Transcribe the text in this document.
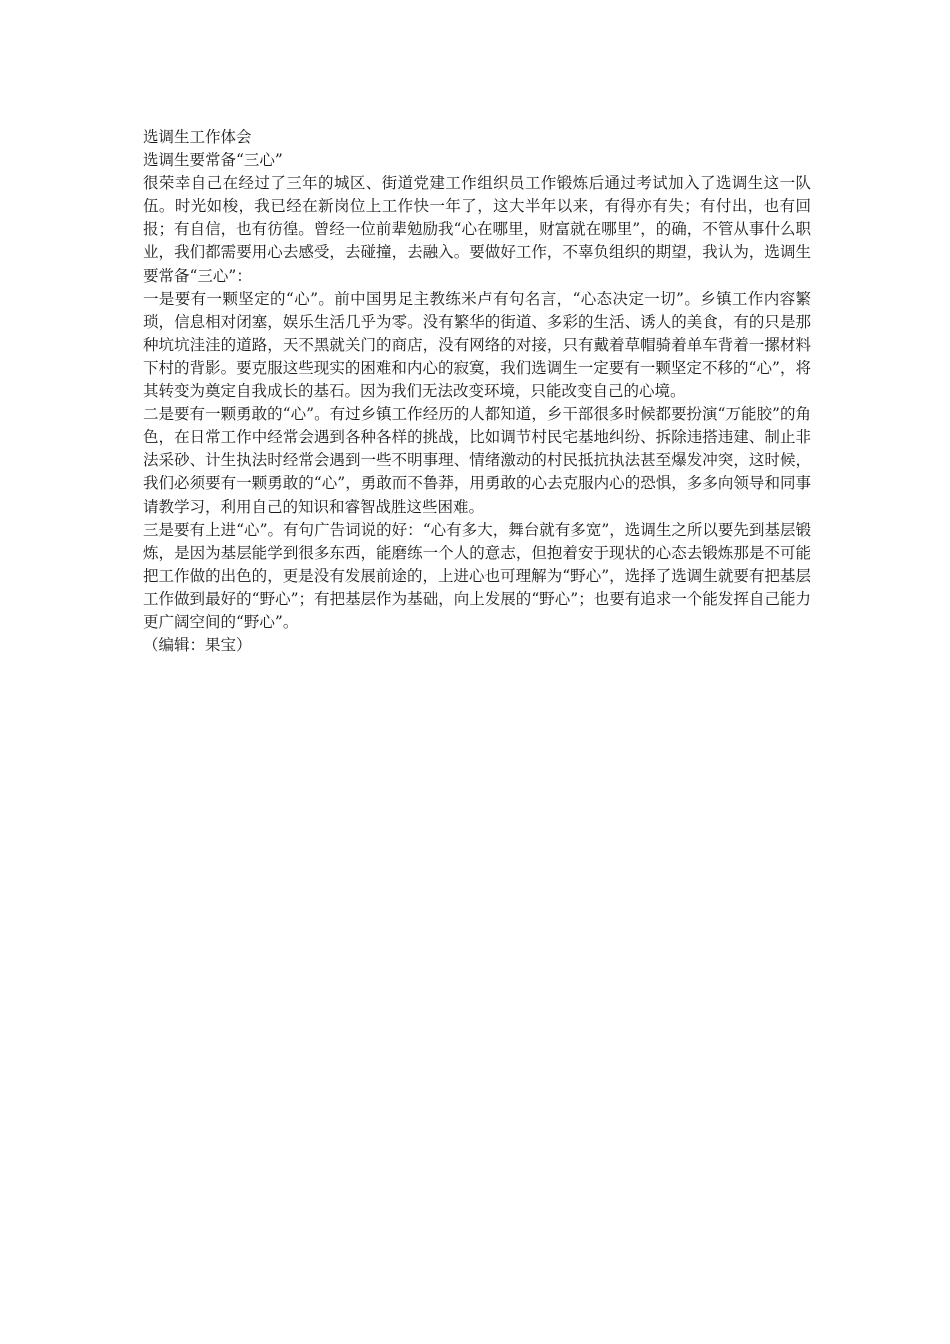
选调生工作体会

选调生要常备“三心”

很荣幸自己在经过了三年的城区、街道党建工作组织员工作锻炼后通过考试加入了选调生这一队伍。时光如梭，我已经在新岗位上工作快一年了，这大半年以来，有得亦有失；有付出，也有回报；有自信，也有彷徨。曾经一位前辈勉励我“心在哪里，财富就在哪里”，的确，不管从事什么职业，我们都需要用心去感受，去碰撞，去融入。要做好工作，不辜负组织的期望，我认为，选调生要常备“三心”：

一是要有一颗坚定的“心”。前中国男足主教练米卢有句名言，“心态决定一切”。乡镇工作内容繁琐，信息相对闭塞，娱乐生活几乎为零。没有繁华的街道、多彩的生活、诱人的美食，有的只是那种坑坑洼洼的道路，天不黑就关门的商店，没有网络的对接，只有戴着草帽骑着单车背着一摞材料下村的背影。要克服这些现实的困难和内心的寂寞，我们选调生一定要有一颗坚定不移的“心”，将其转变为奠定自我成长的基石。因为我们无法改变环境，只能改变自己的心境。

二是要有一颗勇敢的“心”。有过乡镇工作经历的人都知道，乡干部很多时候都要扮演“万能胶”的角色，在日常工作中经常会遇到各种各样的挑战，比如调节村民宅基地纠纷、拆除违搭违建、制止非法采砂、计生执法时经常会遇到一些不明事理、情绪激动的村民抵抗执法甚至爆发冲突，这时候，我们必须要有一颗勇敢的“心”，勇敢而不鲁莽，用勇敢的心去克服内心的恐惧，多多向领导和同事请教学习，利用自己的知识和睿智战胜这些困难。

三是要有上进“心”。有句广告词说的好：“心有多大，舞台就有多宽”，选调生之所以要先到基层锻炼，是因为基层能学到很多东西，能磨练一个人的意志，但抱着安于现状的心态去锻炼那是不可能把工作做的出色的，更是没有发展前途的，上进心也可理解为“野心”，选择了选调生就要有把基层工作做到最好的“野心”；有把基层作为基础，向上发展的“野心”；也要有追求一个能发挥自己能力更广阔空间的“野心”。

（编辑：果宝）
